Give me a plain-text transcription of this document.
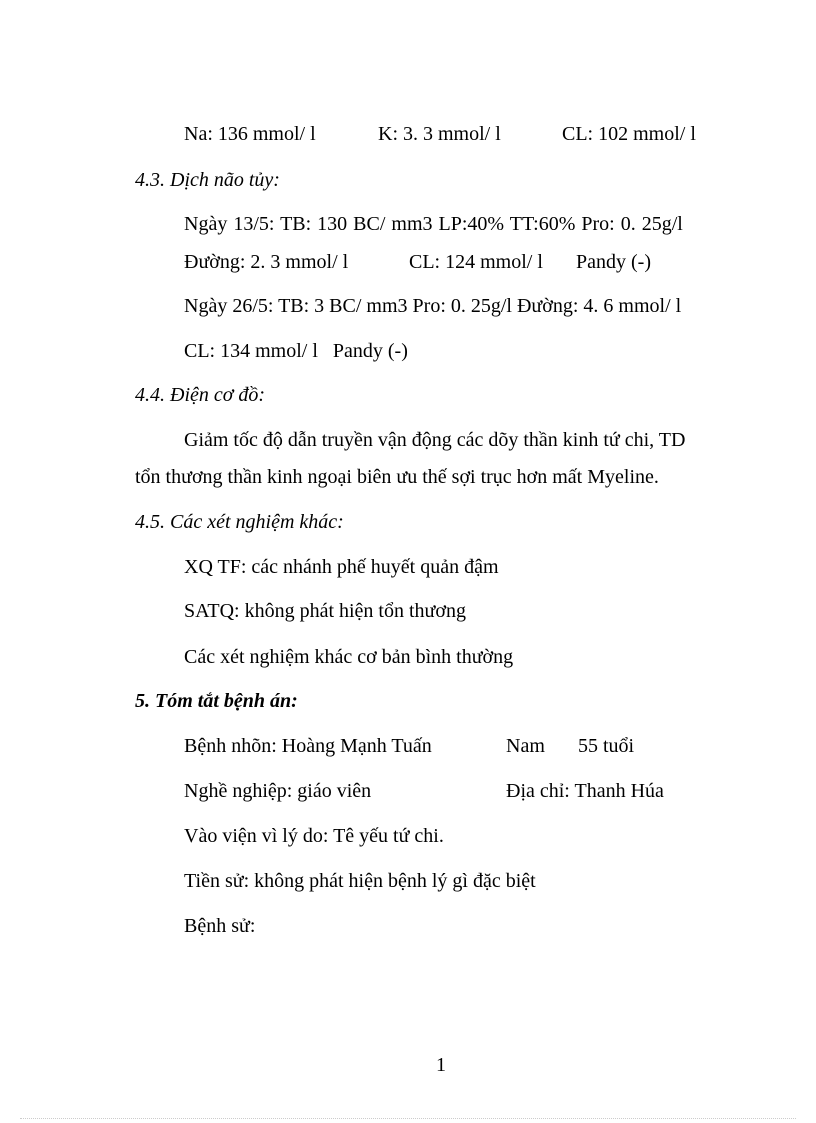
Na: 136 mmol/ l	K: 3. 3 mmol/ l	CL: 102 mmol/ l
4.3. Dịch não tủy:
Ngày 13/5: TB: 130 BC/ mm3 LP:40% TT:60% Pro: 0. 25g/l
Đường: 2. 3 mmol/ l	CL: 124 mmol/ l Pandy (-)
Ngày 26/5: TB: 3 BC/ mm3 Pro: 0. 25g/l Đường: 4. 6 mmol/ l
CL: 134 mmol/ l   Pandy (-)
4.4. Điện cơ đồ:
Giảm tốc độ dẫn truyền vận động các dõy thần kinh tứ chi, TD
tổn thương thần kinh ngoại biên ưu thế sợi trục hơn mất Myeline.
4.5. Các xét nghiệm khác:
XQ TF: các nhánh phế huyết quản đậm
SATQ: không phát hiện tổn thương
Các xét nghiệm khác cơ bản bình thường
5. Tóm tắt bệnh án:
Bệnh nhõn: Hoàng Mạnh Tuấn	Nam 55 tuổi
Nghề nghiệp: giáo viên	Địa chỉ: Thanh Húa
Vào viện vì lý do: Tê yếu tứ chi.
Tiền sử: không phát hiện bệnh lý gì đặc biệt
Bệnh sử:
1
